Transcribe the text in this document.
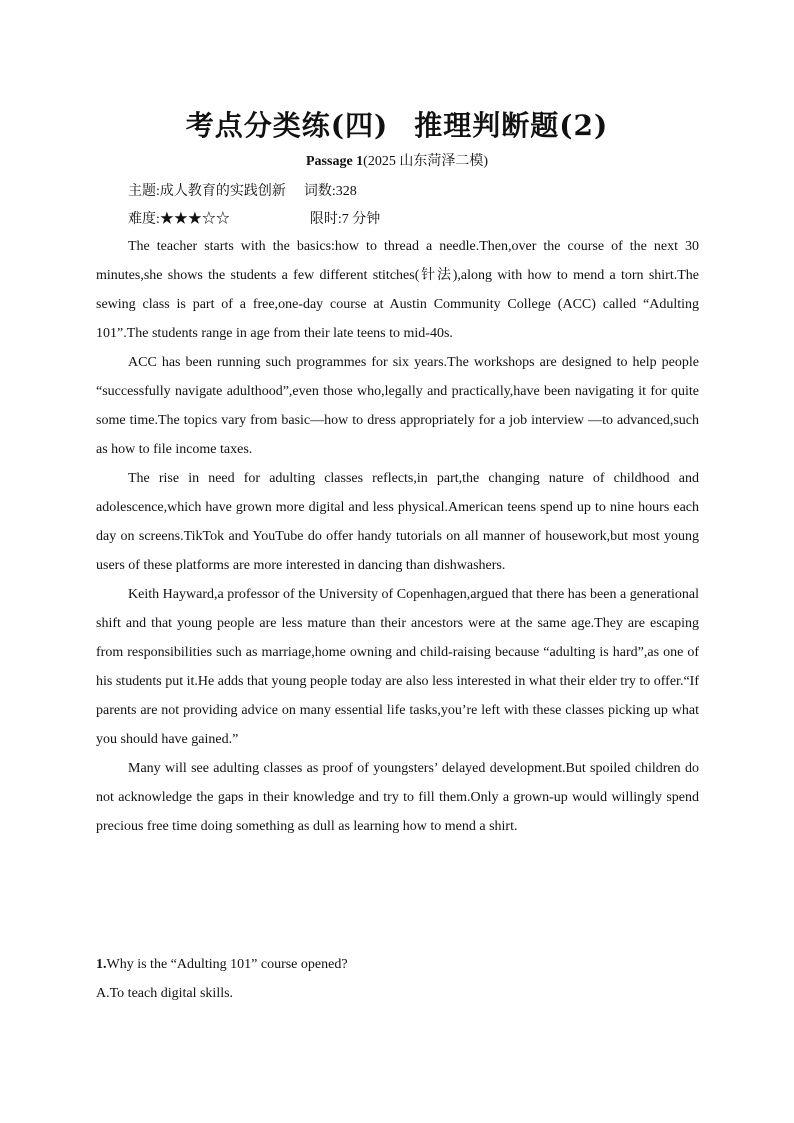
考点分类练(四) 推理判断题(2)
Passage 1(2025 山东菏泽二模)
主题:成人教育的实践创新 词数:328
难度:★★★☆☆	限时:7 分钟

The teacher starts with the basics:how to thread a needle.Then,over the course of the next 30 minutes,she shows the students a few different stitches(针法),along with how to mend a torn shirt.The sewing class is part of a free,one-day course at Austin Community College (ACC) called “Adulting 101”.The students range in age from their late teens to mid-40s.

ACC has been running such programmes for six years.The workshops are designed to help people “successfully navigate adulthood”,even those who,legally and practically,have been navigating it for quite some time.The topics vary from basic—how to dress appropriately for a job interview —to advanced,such as how to file income taxes.

The rise in need for adulting classes reflects,in part,the changing nature of childhood and adolescence,which have grown more digital and less physical.American teens spend up to nine hours each day on screens.TikTok and YouTube do offer handy tutorials on all manner of housework,but most young users of these platforms are more interested in dancing than dishwashers.

Keith Hayward,a professor of the University of Copenhagen,argued that there has been a generational shift and that young people are less mature than their ancestors were at the same age.They are escaping from responsibilities such as marriage,home owning and child-raising because “adulting is hard”,as one of his students put it.He adds that young people today are also less interested in what their elder try to offer.“If parents are not providing advice on many essential life tasks,you’re left with these classes picking up what you should have gained.”

Many will see adulting classes as proof of youngsters’ delayed development.But spoiled children do not acknowledge the gaps in their knowledge and try to fill them.Only a grown-up would willingly spend precious free time doing something as dull as learning how to mend a shirt.

1.Why is the “Adulting 101” course opened?
A.To teach digital skills.
